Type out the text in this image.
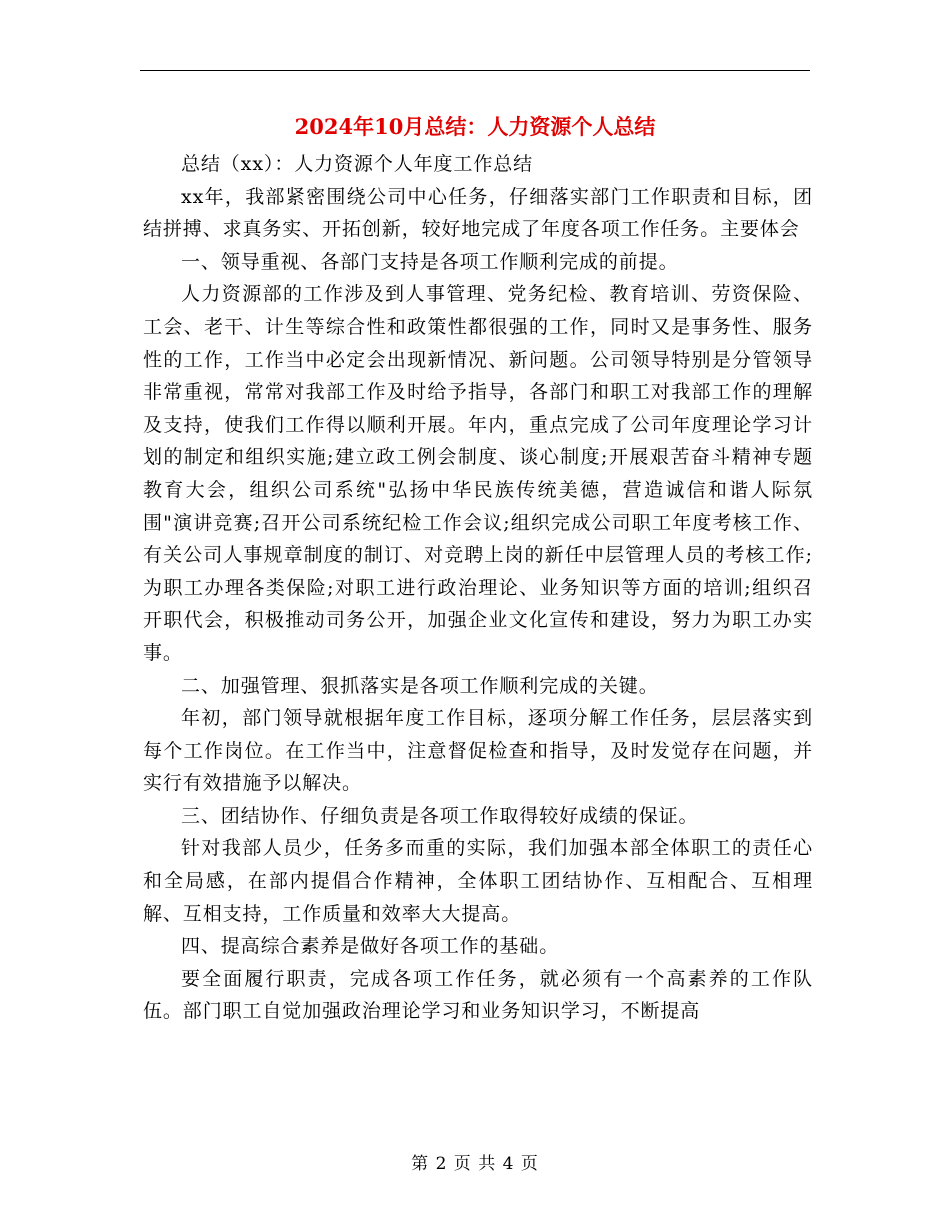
2024年10月总结：人力资源个人总结

总结（xx）：人力资源个人年度工作总结

xx年，我部紧密围绕公司中心任务，仔细落实部门工作职责和目标，团结拼搏、求真务实、开拓创新，较好地完成了年度各项工作任务。主要体会

一、领导重视、各部门支持是各项工作顺利完成的前提。

人力资源部的工作涉及到人事管理、党务纪检、教育培训、劳资保险、工会、老干、计生等综合性和政策性都很强的工作，同时又是事务性、服务性的工作，工作当中必定会出现新情况、新问题。公司领导特别是分管领导非常重视，常常对我部工作及时给予指导，各部门和职工对我部工作的理解及支持，使我们工作得以顺利开展。年内，重点完成了公司年度理论学习计划的制定和组织实施;建立政工例会制度、谈心制度;开展艰苦奋斗精神专题教育大会，组织公司系统"弘扬中华民族传统美德，营造诚信和谐人际氛围"演讲竞赛;召开公司系统纪检工作会议;组织完成公司职工年度考核工作、有关公司人事规章制度的制订、对竞聘上岗的新任中层管理人员的考核工作;为职工办理各类保险;对职工进行政治理论、业务知识等方面的培训;组织召开职代会，积极推动司务公开，加强企业文化宣传和建设，努力为职工办实事。

二、加强管理、狠抓落实是各项工作顺利完成的关键。

年初，部门领导就根据年度工作目标，逐项分解工作任务，层层落实到每个工作岗位。在工作当中，注意督促检查和指导，及时发觉存在问题，并实行有效措施予以解决。

三、团结协作、仔细负责是各项工作取得较好成绩的保证。

针对我部人员少，任务多而重的实际，我们加强本部全体职工的责任心和全局感，在部内提倡合作精神，全体职工团结协作、互相配合、互相理解、互相支持，工作质量和效率大大提高。

四、提高综合素养是做好各项工作的基础。

要全面履行职责，完成各项工作任务，就必须有一个高素养的工作队伍。部门职工自觉加强政治理论学习和业务知识学习，不断提高

第 2 页 共 4 页
